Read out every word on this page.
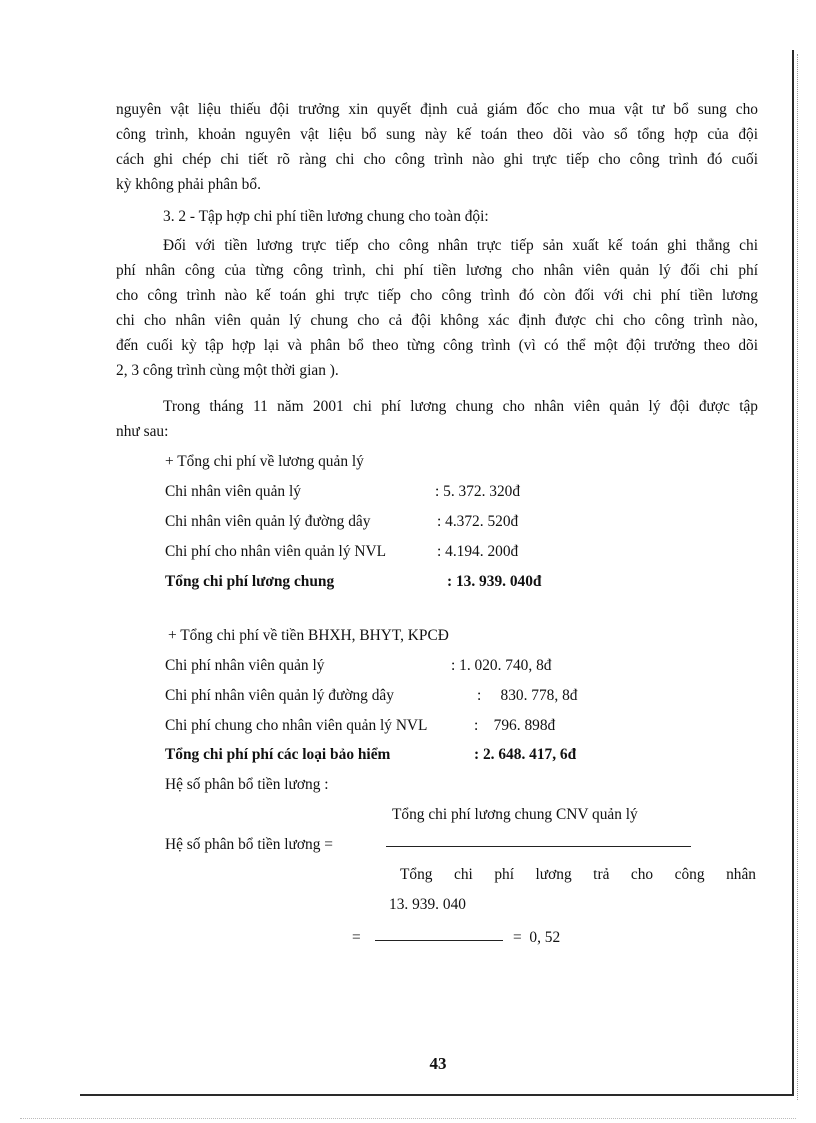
nguyên vật liệu thiếu đội trưởng xin quyết định cuả giám đốc cho mua vật tư bổ sung cho
công trình, khoản nguyên vật liệu bổ sung này kế toán theo dõi vào sổ tổng hợp của đội
cách ghi chép chi tiết rõ ràng chi cho công trình nào ghi trực tiếp cho công trình đó cuối
kỳ không phải phân bổ.
3. 2 - Tập hợp chi phí tiền lương chung cho toàn đội:
Đối với tiền lương trực tiếp cho công nhân trực tiếp sản xuất kế toán ghi thẳng chi
phí nhân công của từng công trình, chi phí tiền lương cho nhân viên quản lý đối chi phí
cho công trình nào kế toán ghi trực tiếp cho công trình đó còn đối với chi phí tiền lương
chi cho nhân viên quản lý chung cho cả đội không xác định được chi cho công trình nào,
đến cuối kỳ tập hợp lại và phân bổ theo từng công trình (vì có thể một đội trưởng theo dõi
2, 3 công trình cùng một thời gian ).
Trong tháng 11 năm 2001 chi phí lương chung cho nhân viên quản lý đội được tập
như sau:
+ Tổng chi phí về lương quản lý
Chi nhân viên quản lý	: 5. 372. 320đ
Chi nhân viên quản lý đường dây	: 4.372. 520đ
Chi phí cho nhân viên quản lý NVL	: 4.194. 200đ
Tổng chi phí lương chung	: 13. 939. 040đ
+ Tổng chi phí về tiền BHXH, BHYT, KPCĐ
Chi phí nhân viên quản lý	: 1. 020. 740, 8đ
Chi phí nhân viên quản lý đường dây	:     830. 778, 8đ
Chi phí chung cho nhân viên quản lý NVL	:    796. 898đ
Tổng chi phí phí các loại bảo hiểm	: 2. 648. 417, 6đ
Hệ số phân bổ tiền lương :
Tổng chi phí lương chung CNV quản lý
Hệ số phân bổ tiền lương =
Tổng chi phí lương trả cho công nhân
13. 939. 040
=	=  0, 52
43
